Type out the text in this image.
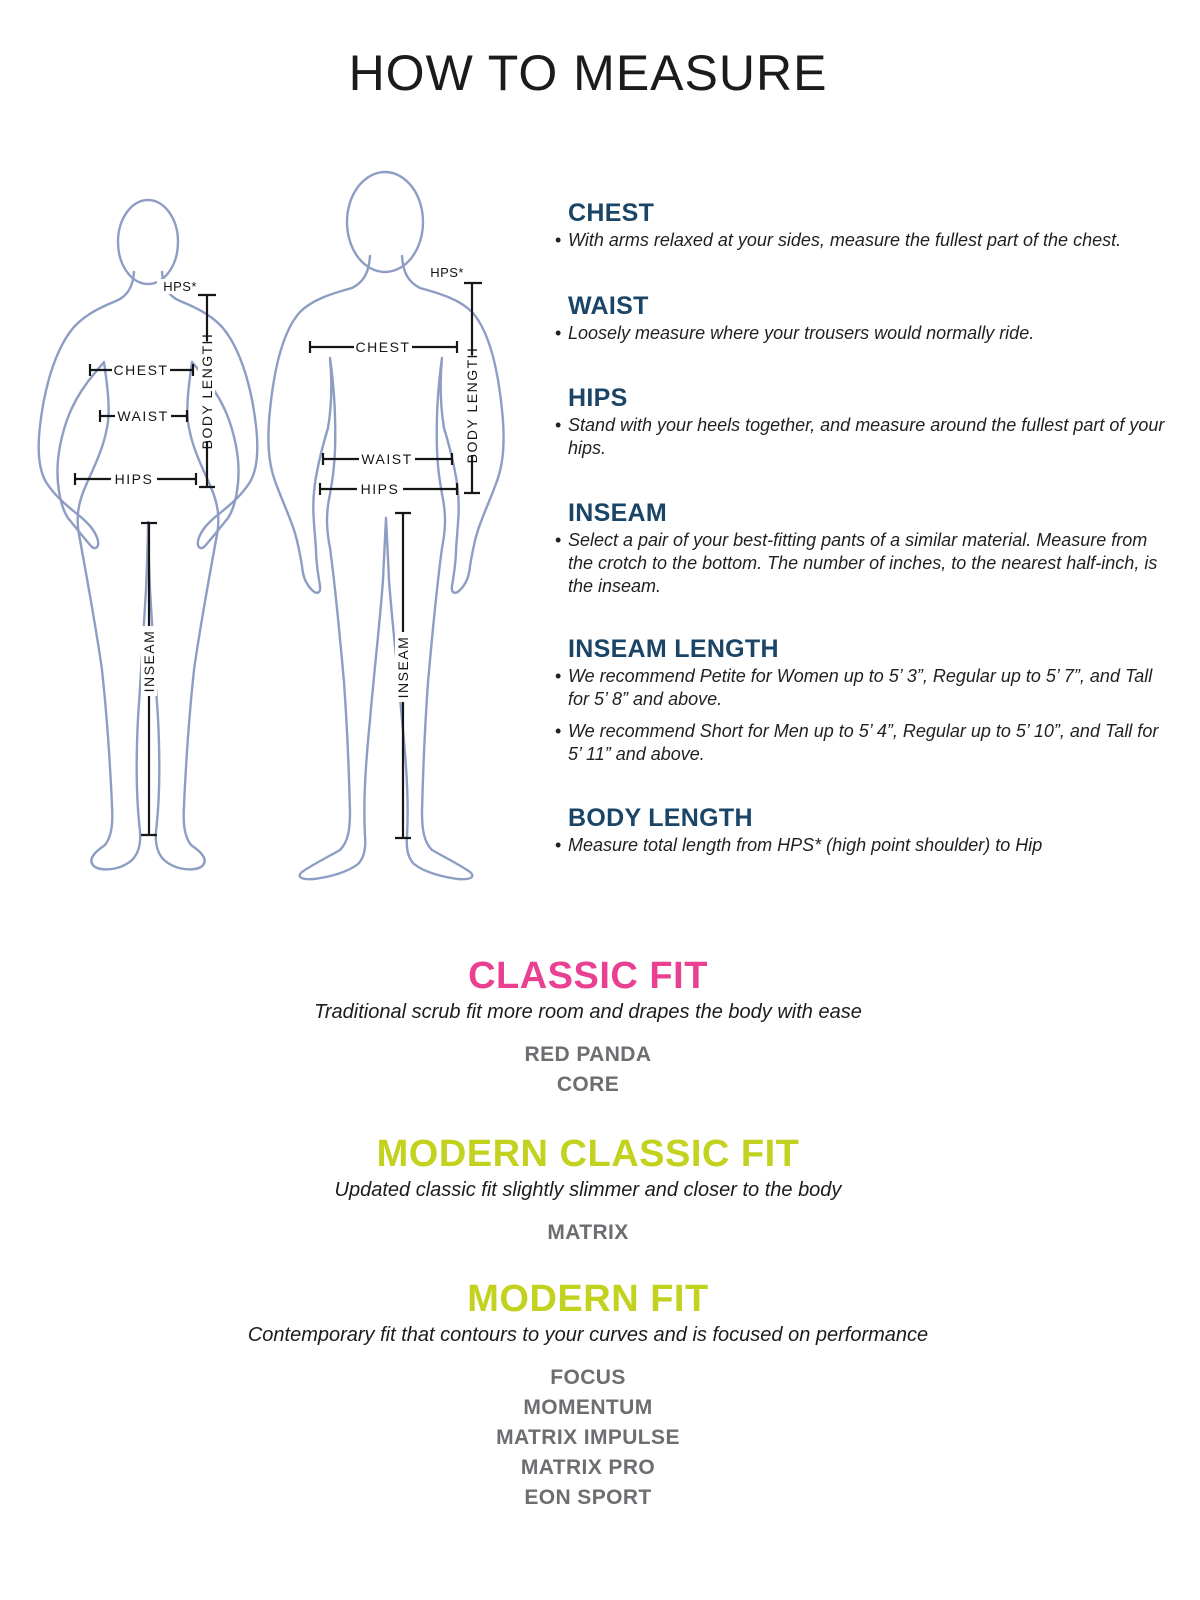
HOW TO MEASURE
CHEST
WAIST
HIPS
HPS*
BODY LENGTH
INSEAM
CHEST
WAIST
HIPS
HPS*
BODY LENGTH
INSEAM
CHEST

• With arms relaxed at your sides, measure the fullest part of the chest.

WAIST

• Loosely measure where your trousers would normally ride.

HIPS

• Stand with your heels together, and measure around the fullest part of your hips.

INSEAM

• Select a pair of your best-fitting pants of a similar material. Measure from the crotch to the bottom. The number of inches, to the nearest half-inch, is the inseam.

INSEAM LENGTH

• We recommend Petite for Women up to 5’ 3”, Regular up to 5’ 7”, and Tall for 5’ 8” and above.

• We recommend Short for Men up to 5’ 4”, Regular up to 5’ 10”, and Tall for 5’ 11” and above.

BODY LENGTH

• Measure total length from HPS* (high point shoulder) to Hip

CLASSIC FIT

Traditional scrub fit more room and drapes the body with ease

RED PANDA
CORE
MODERN CLASSIC FIT

Updated classic fit slightly slimmer and closer to the body

MATRIX
MODERN FIT

Contemporary fit that contours to your curves and is focused on performance

FOCUS
MOMENTUM
MATRIX IMPULSE
MATRIX PRO
EON SPORT
